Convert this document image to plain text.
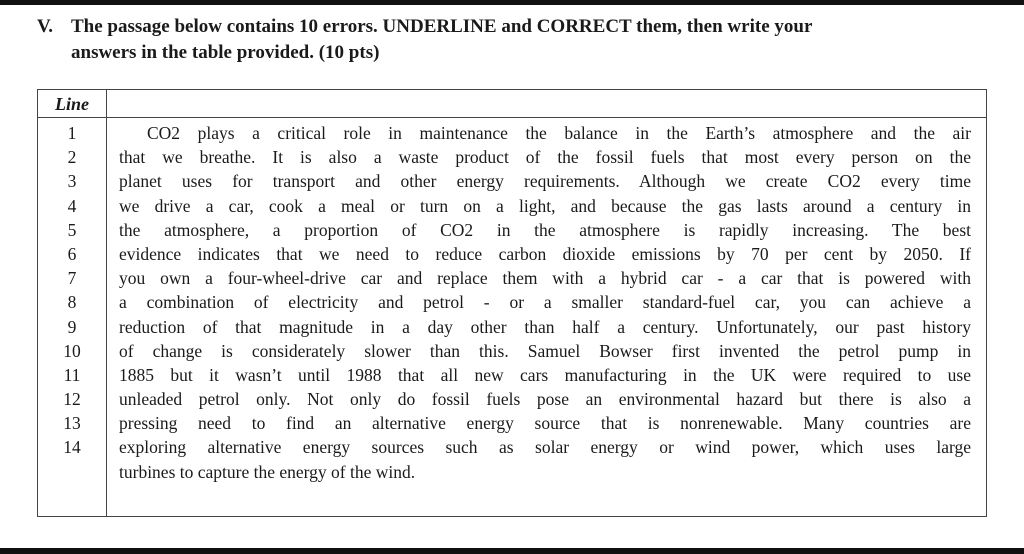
V. The passage below contains 10 errors. UNDERLINE and CORRECT them, then write your
answers in the table provided. (10 pts)

Line
1
2
3
4
5
6
7
8
9
10
11
12
13
14
CO2 plays a critical role in maintenance the balance in the Earth’s atmosphere and the air
that we breathe. It is also a waste product of the fossil fuels that most every person on the
planet uses for transport and other energy requirements. Although we create CO2 every time
we drive a car, cook a meal or turn on a light, and because the gas lasts around a century in
the atmosphere, a proportion of CO2 in the atmosphere is rapidly increasing. The best
evidence indicates that we need to reduce carbon dioxide emissions by 70 per cent by 2050. If
you own a four-wheel-drive car and replace them with a hybrid car - a car that is powered with
a combination of electricity and petrol - or a smaller standard-fuel car, you can achieve a
reduction of that magnitude in a day other than half a century. Unfortunately, our past history
of change is considerately slower than this. Samuel Bowser first invented the petrol pump in
1885 but it wasn’t until 1988 that all new cars manufacturing in the UK were required to use
unleaded petrol only. Not only do fossil fuels pose an environmental hazard but there is also a
pressing need to find an alternative energy source that is nonrenewable. Many countries are
exploring alternative energy sources such as solar energy or wind power, which uses large
turbines to capture the energy of the wind.
